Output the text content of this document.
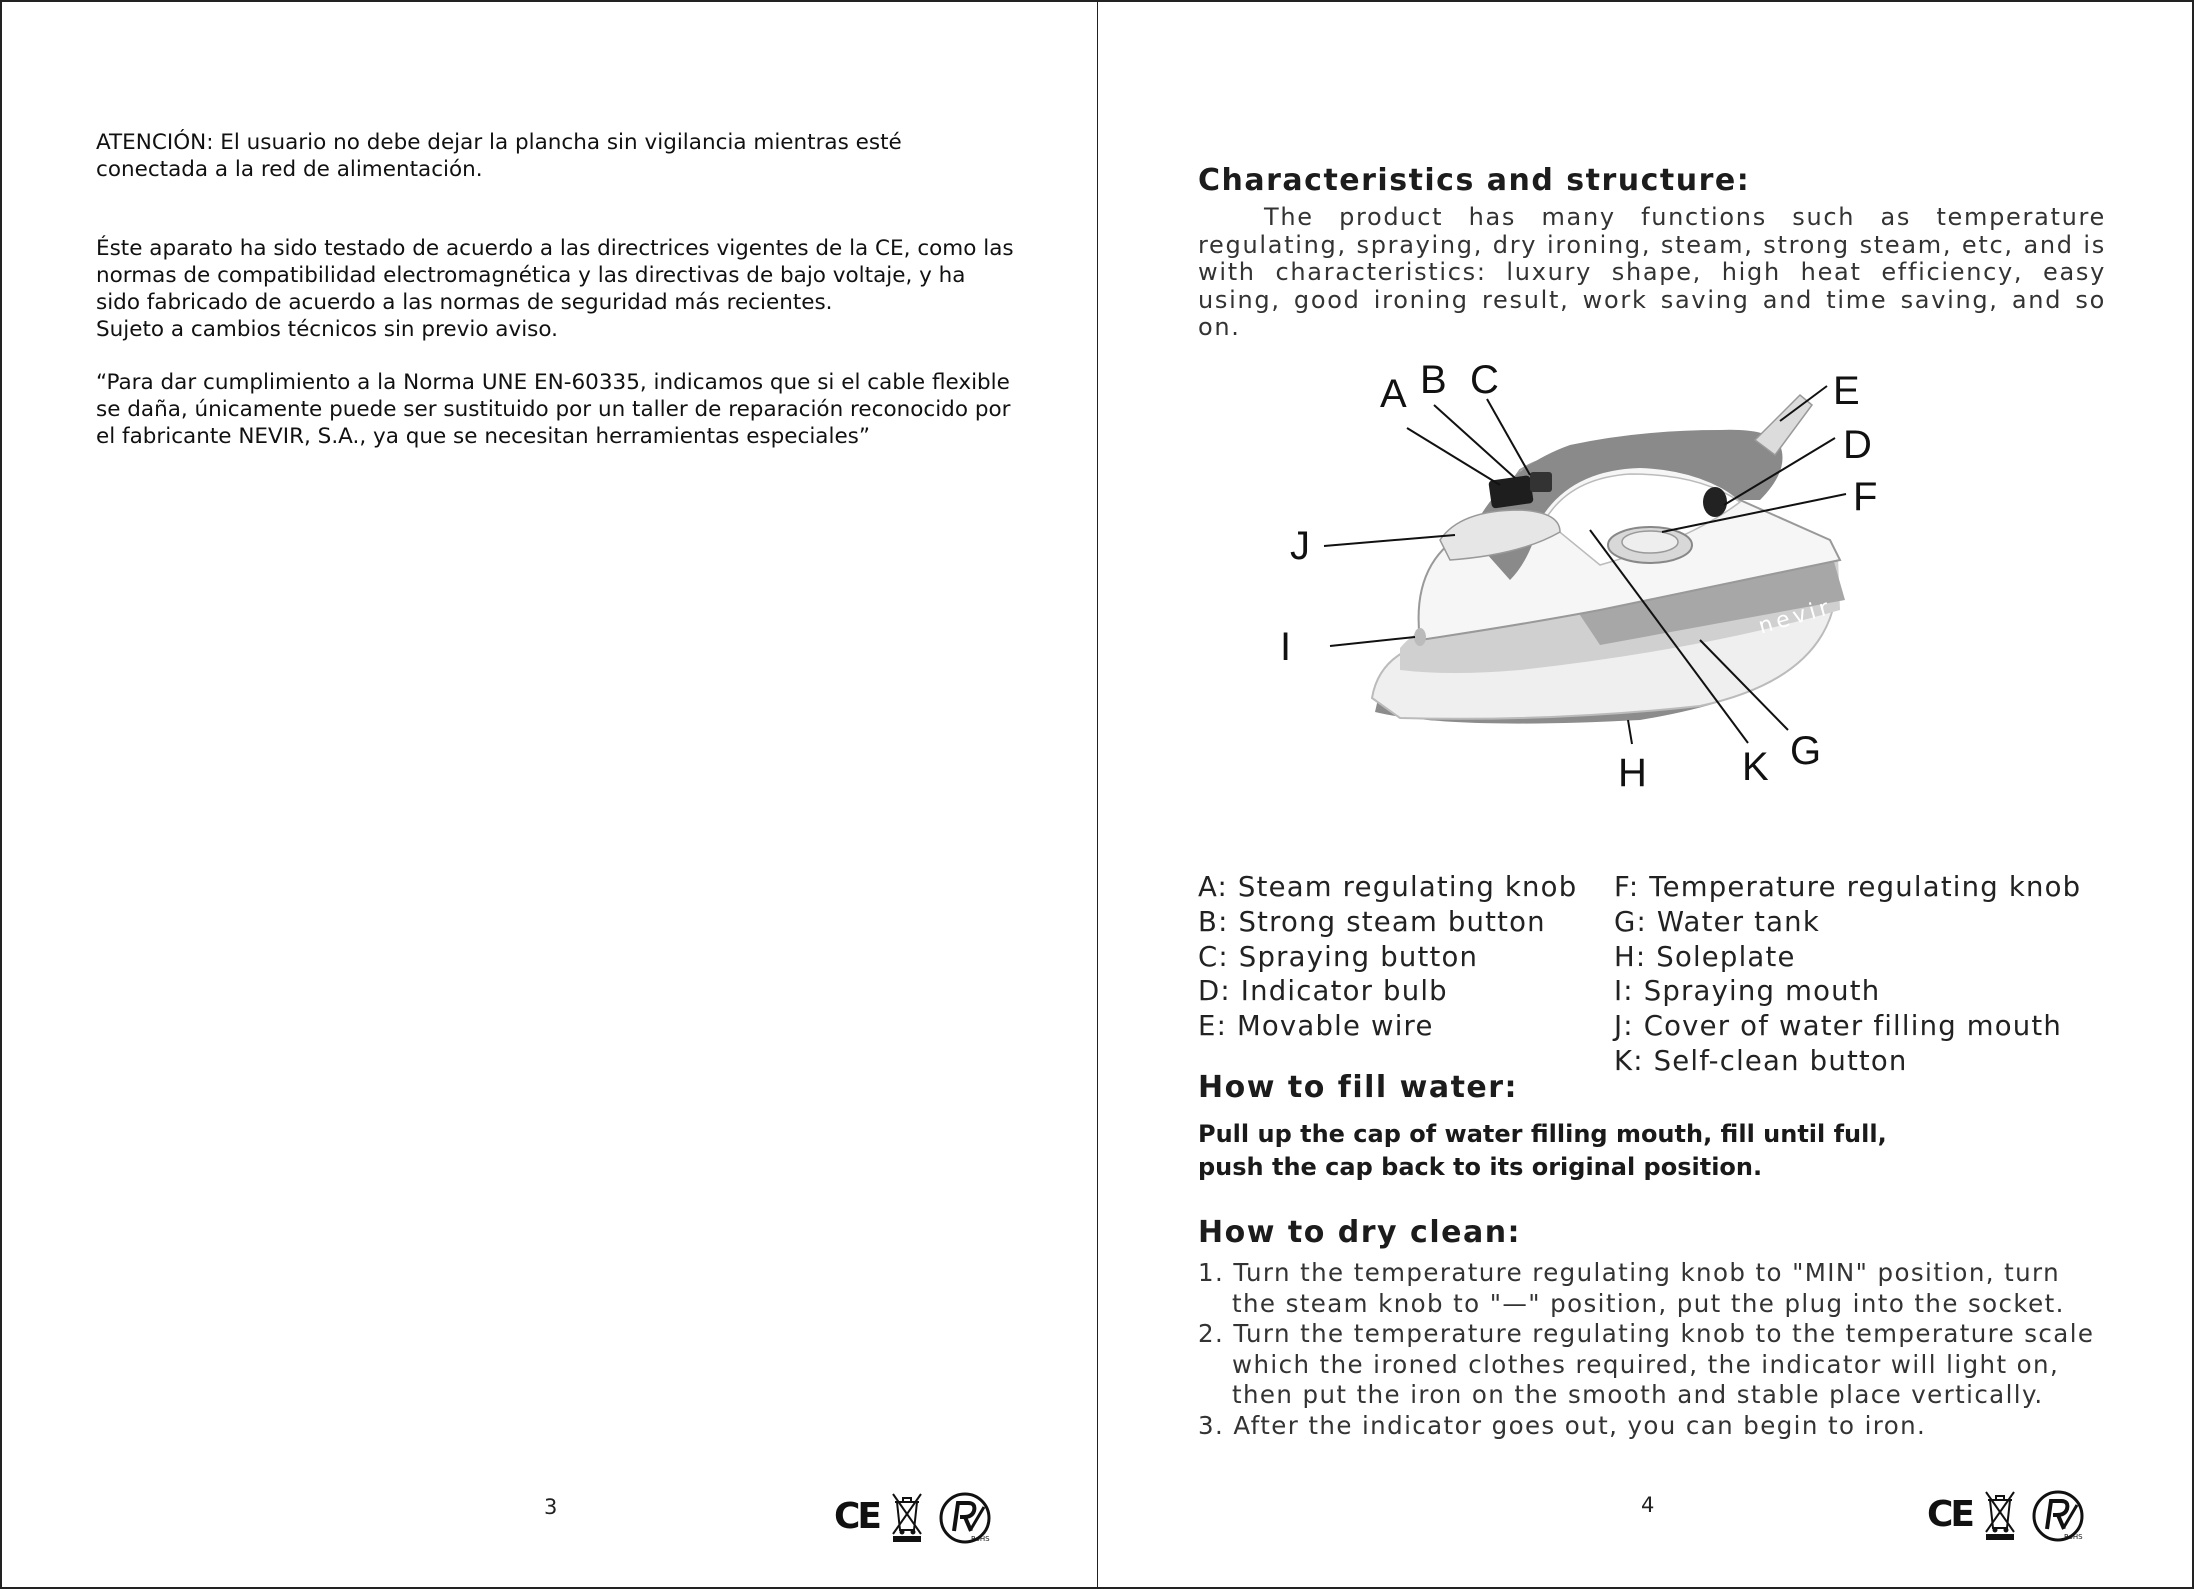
ATENCIÓN: El usuario no debe dejar la plancha sin vigilancia mientras esté conectada a la red de alimentación.

Éste aparato ha sido testado de acuerdo a las directrices vigentes de la CE, como las normas de compatibilidad electromagnética y las directivas de bajo voltaje, y ha sido fabricado de acuerdo a las normas de seguridad más recientes.

Sujeto a cambios técnicos sin previo aviso.

“Para dar cumplimiento a la Norma UNE EN-60335, indicamos que si el cable flexible se daña, únicamente puede ser sustituido por un taller de reparación reconocido por el fabricante NEVIR, S.A., ya que se necesitan herramientas especiales”

3	CE
RoHS
Characteristics and structure:

The product has many functions such as temperature regulating, spraying, dry ironing, steam, strong steam, etc, and is with characteristics: luxury shape, high heat efficiency, easy using, good ironing result, work saving and time saving, and so on.

nevir
A B C
D
E
F
G
H
I
J
K
A: Steam regulating knob
B: Strong steam button
C: Spraying button
D: Indicator bulb
E: Movable wire
F: Temperature regulating knob
G: Water tank
H: Soleplate
I: Spraying mouth
J: Cover of water filling mouth
K: Self-clean button
How to fill water:
Pull up the cap of water filling mouth, fill until full,
push the cap back to its original position.
How to dry clean:
1. Turn the temperature regulating knob to "MIN" position, turn the steam knob to "—" position, put the plug into the socket.
2. Turn the temperature regulating knob to the temperature scale which the ironed clothes required, the indicator will light on, then put the iron on the smooth and stable place vertically.
3. After the indicator goes out, you can begin to iron.
4	CE
RoHS
